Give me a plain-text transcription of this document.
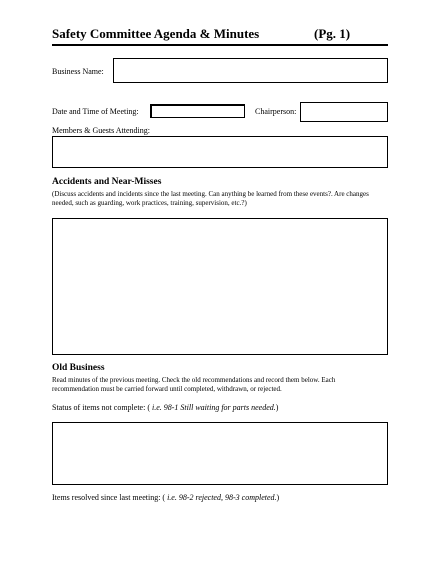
Safety Committee Agenda & Minutes	(Pg. 1)
Business Name:
Date and Time of Meeting:	Chairperson:
Members & Guests Attending:
Accidents and Near-Misses
(Discuss accidents and incidents since the last meeting. Can anything be learned from these events?. Are changes needed, such as guarding, work practices, training, supervision, etc.?)
Old Business
Read minutes of the previous meeting. Check the old recommendations and record them below. Each recommendation must be carried forward until completed, withdrawn, or rejected.
Status of items not complete: ( i.e. 98-1 Still waiting for parts needed.)
Items resolved since last meeting: ( i.e. 98-2 rejected, 98-3 completed.)
